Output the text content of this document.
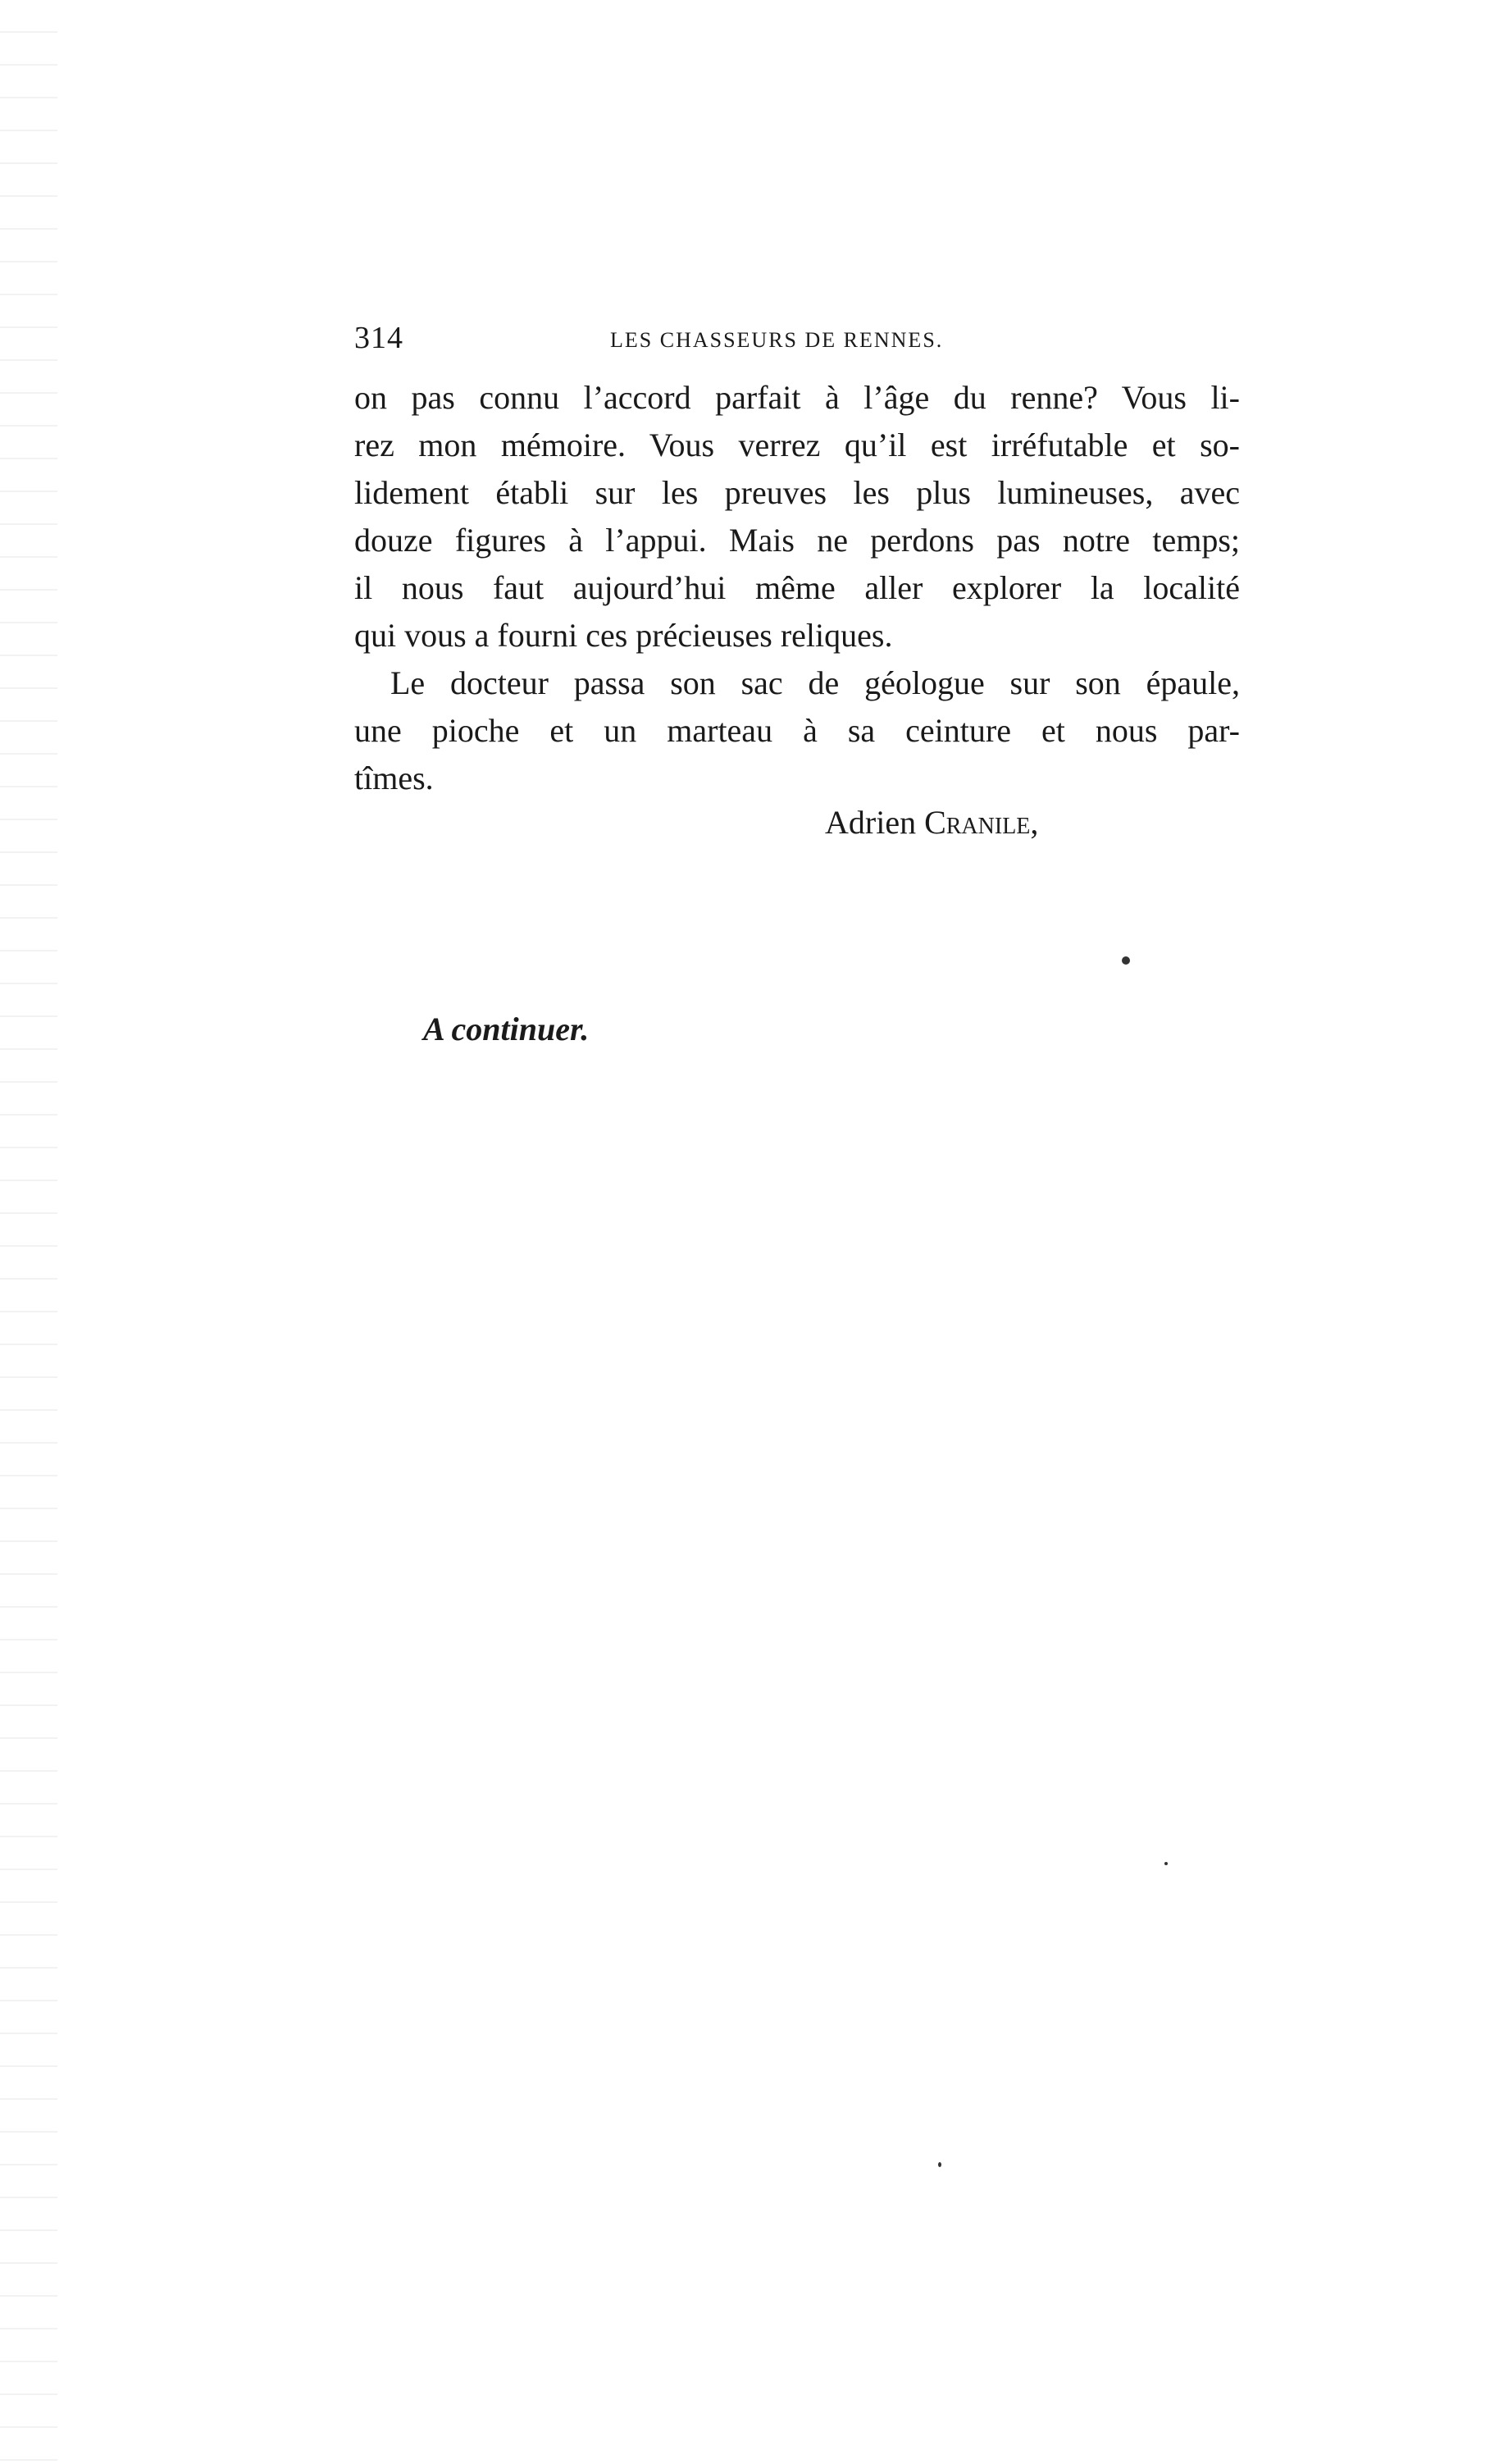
314	LES CHASSEURS DE RENNES.
on pas connu l’accord parfait à l’âge du renne? Vous li-
rez mon mémoire. Vous verrez qu’il est irréfutable et so-
lidement établi sur les preuves les plus lumineuses, avec
douze figures à l’appui. Mais ne perdons pas notre temps;
il nous faut aujourd’hui même aller explorer la localité
qui vous a fourni ces précieuses reliques.
Le docteur passa son sac de géologue sur son épaule,
une pioche et un marteau à sa ceinture et nous par-
tîmes.
Adrien Cranile,
A continuer.
